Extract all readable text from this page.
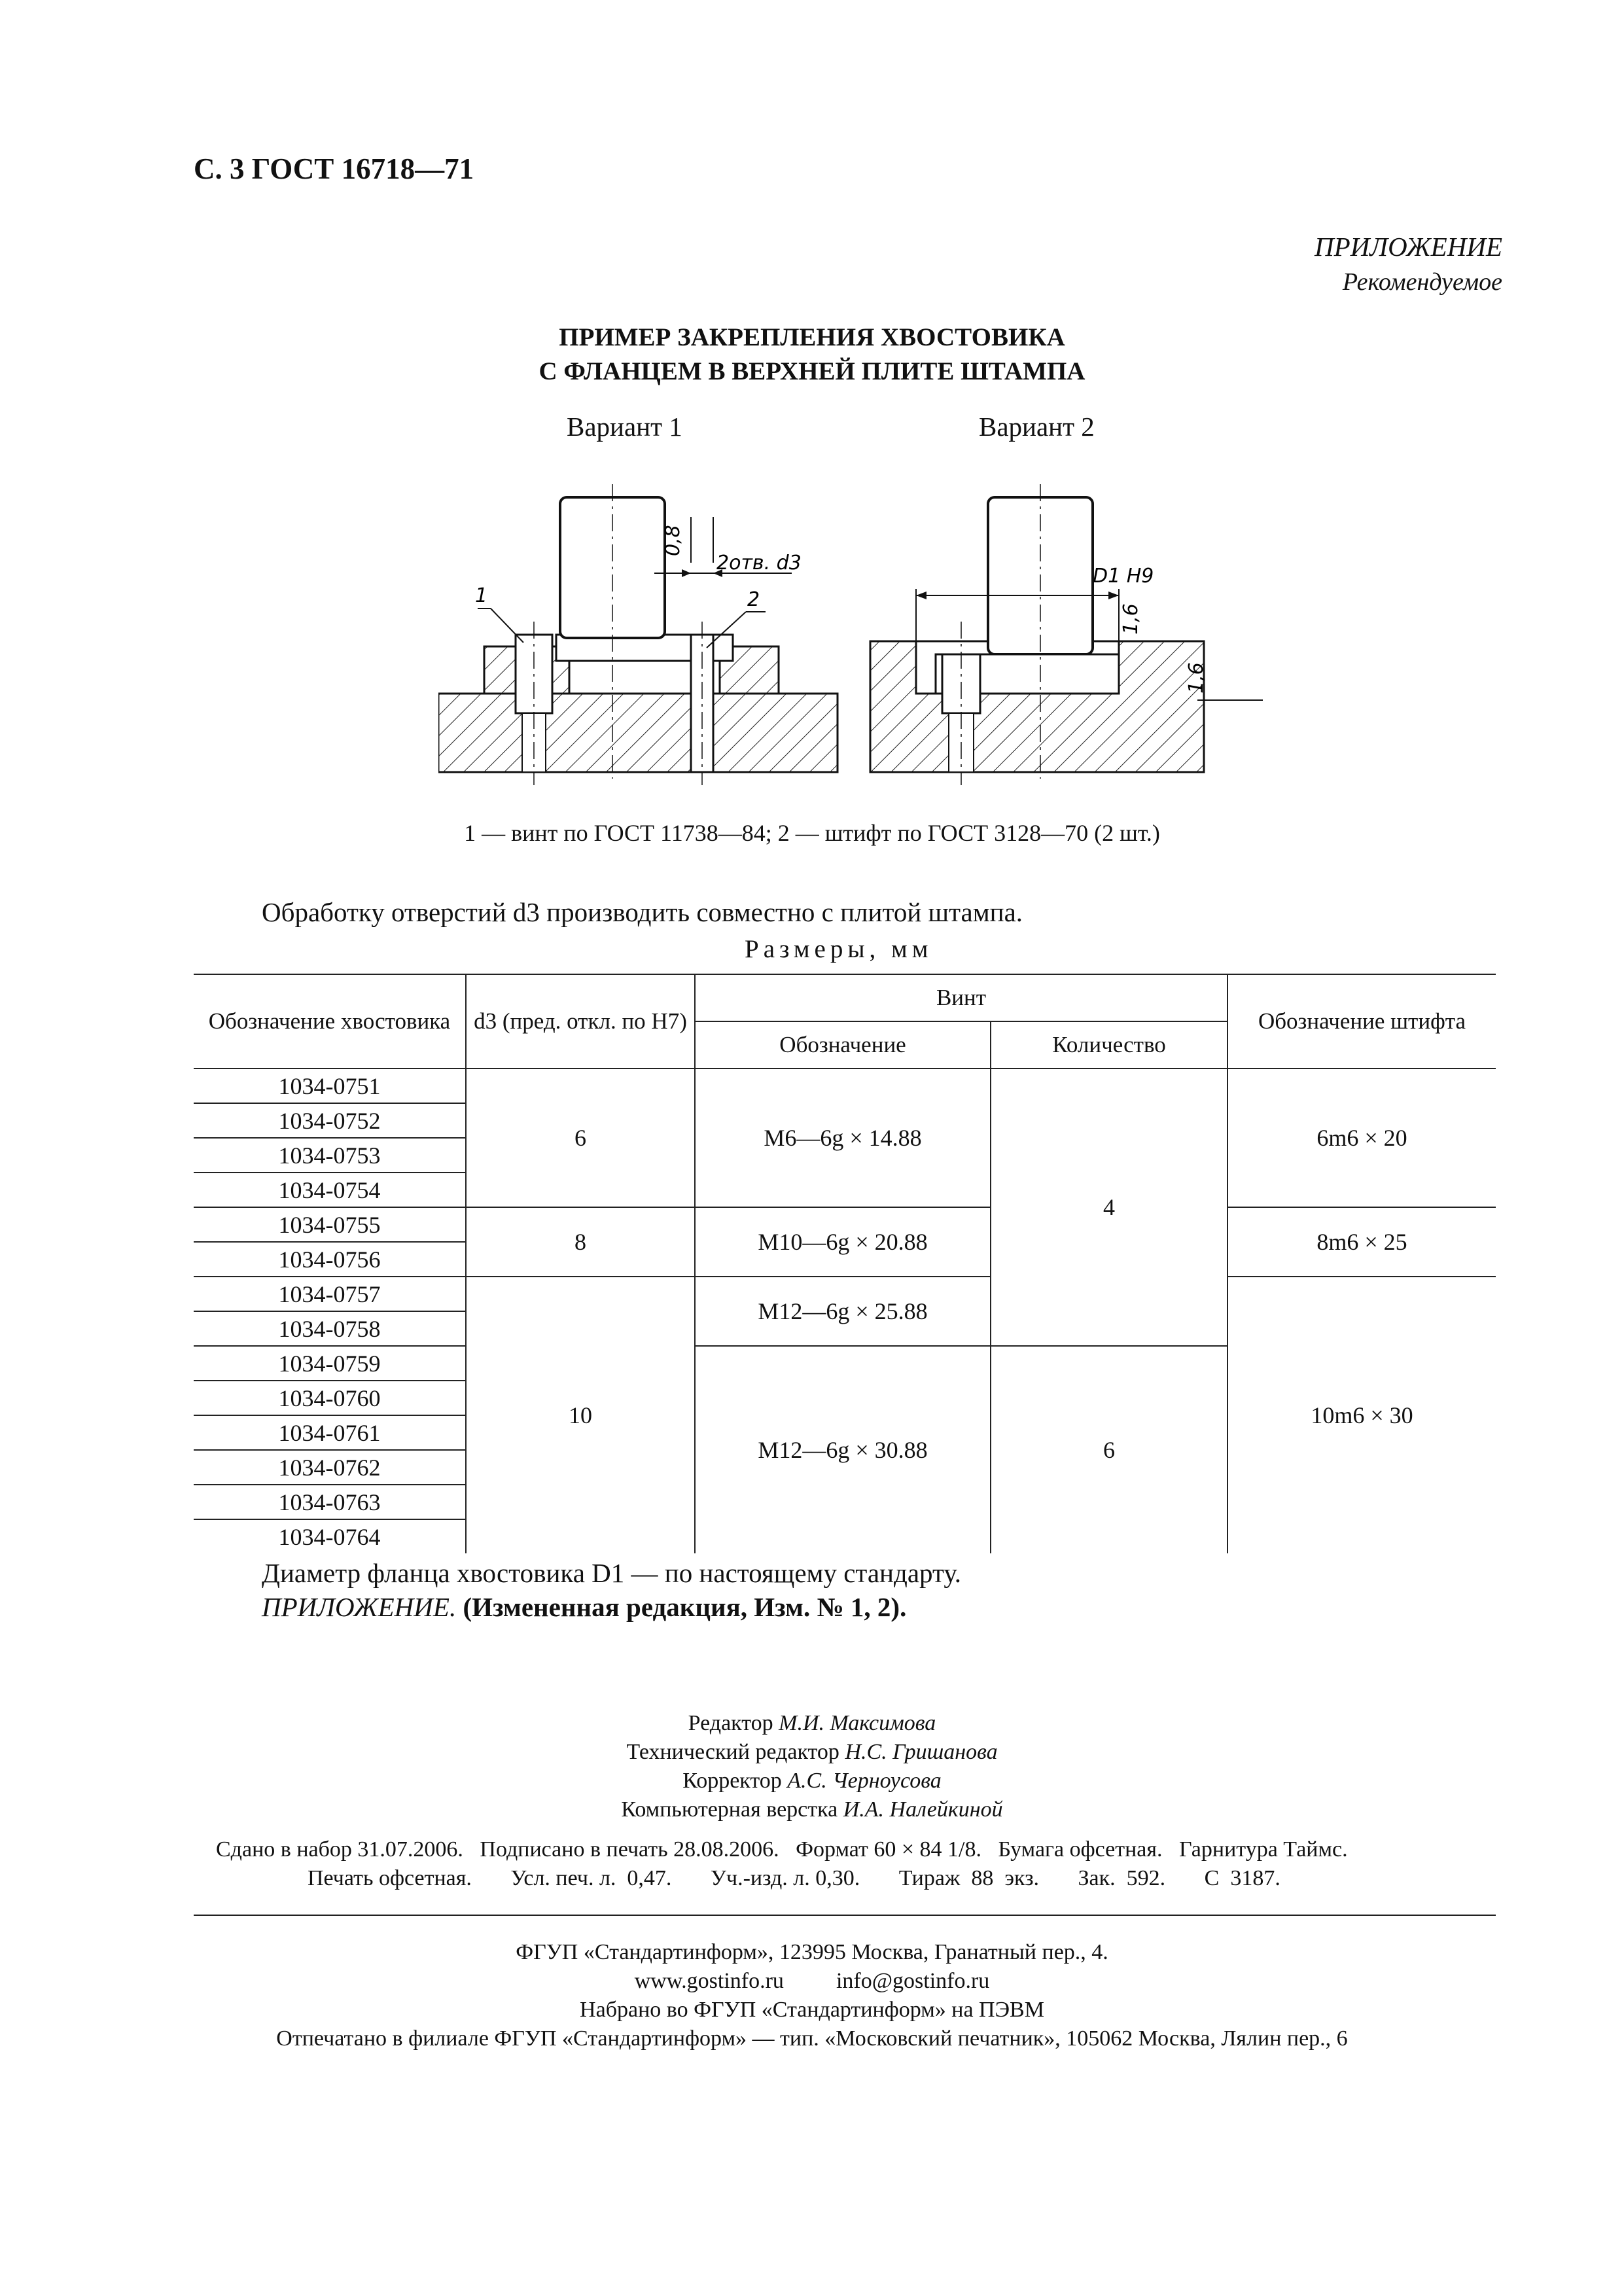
С. 3 ГОСТ 16718—71
ПРИЛОЖЕНИЕ
Рекомендуемое
ПРИМЕР ЗАКРЕПЛЕНИЯ ХВОСТОВИКА
С ФЛАНЦЕМ В ВЕРХНЕЙ ПЛИТЕ ШТАМПА
Вариант 1	Вариант 2
1	2
2отв. d3
0,8
D1 H9
1,6
1,6
1 — винт по ГОСТ 11738—84; 2 — штифт по ГОСТ 3128—70 (2 шт.)
Обработку отверстий d3 производить совместно с плитой штампа.
Размеры, мм
Обозначение хвостовика	d3 (пред. откл. по H7)	Винт		Обозначение штифта
		Обозначение	Количество	
1034-0751	6	M6—6g × 14.88	4	6m6 × 20
1034-0752				
1034-0753				
1034-0754				
1034-0755	8	M10—6g × 20.88		8m6 × 25
1034-0756				
1034-0757	10	M12—6g × 25.88		10m6 × 30
1034-0758				
1034-0759		M12—6g × 30.88	6	
1034-0760				
1034-0761				
1034-0762				
1034-0763				
1034-0764				
Диаметр фланца хвостовика D1 — по настоящему стандарту.
ПРИЛОЖЕНИЕ. (Измененная редакция, Изм. № 1, 2).
Редактор М.И. Максимова
Технический редактор Н.С. Гришанова
Корректор А.С. Черноусова
Компьютерная верстка И.А. Налейкиной
Сдано в набор 31.07.2006.   Подписано в печать 28.08.2006.   Формат 60 × 84 1/8.   Бумага офсетная.   Гарнитура Таймс.
Печать офсетная.       Усл. печ. л.  0,47.       Уч.-изд. л. 0,30.       Тираж  88  экз.       Зак.  592.       С  3187.
ФГУП «Стандартинформ», 123995 Москва, Гранатный пер., 4.
www.gostinfo.ru info@gostinfo.ru
Набрано во ФГУП «Стандартинформ» на ПЭВМ
Отпечатано в филиале ФГУП «Стандартинформ» — тип. «Московский печатник», 105062 Москва, Лялин пер., 6
